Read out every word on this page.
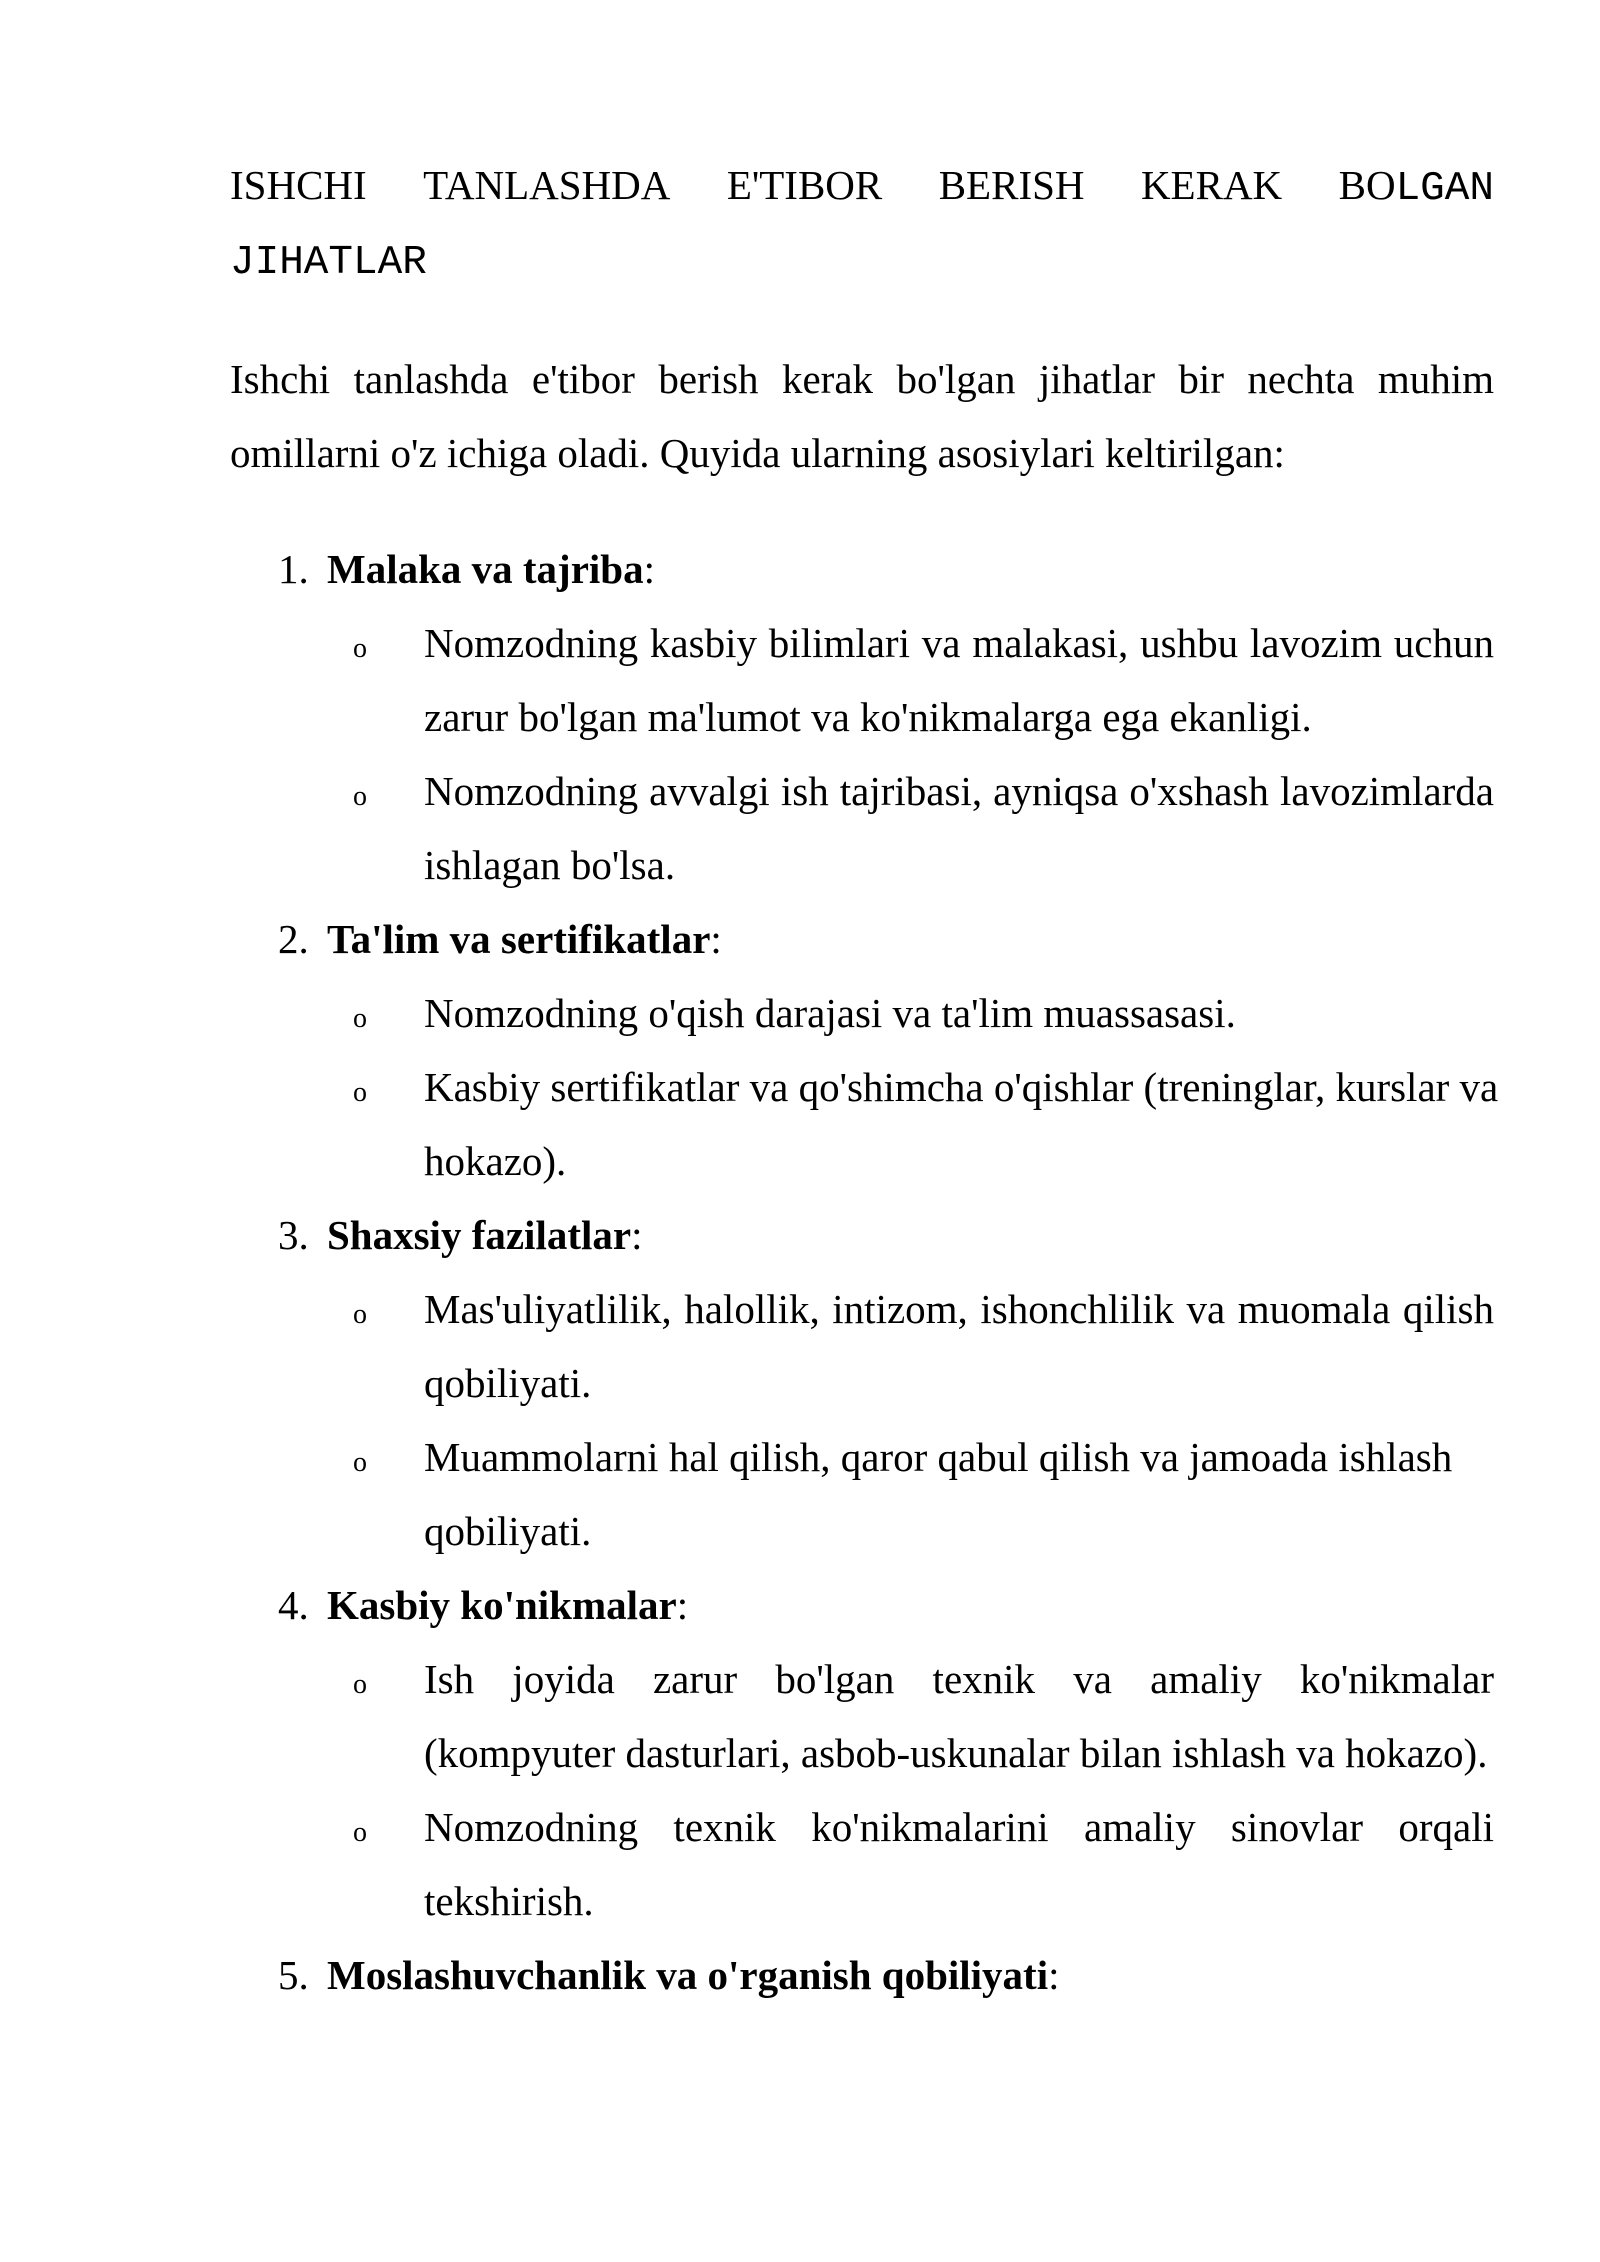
ISHCHI TANLASHDA E'TIBOR BERISH KERAK BOLGAN
JIHATLAR

Ishchi tanlashda e'tibor berish kerak bo'lgan jihatlar bir nechta muhim omillarni o'z ichiga oladi. Quyida ularning asosiylari keltirilgan:

1. Malaka va tajriba:
o Nomzodning kasbiy bilimlari va malakasi, ushbu lavozim uchun zarur bo'lgan ma'lumot va ko'nikmalarga ega ekanligi.
o Nomzodning avvalgi ish tajribasi, ayniqsa o'xshash lavozimlarda ishlagan bo'lsa.
2. Ta'lim va sertifikatlar:
o Nomzodning o'qish darajasi va ta'lim muassasasi.
o Kasbiy sertifikatlar va qo'shimcha o'qishlar (treninglar, kurslar va hokazo).
3. Shaxsiy fazilatlar:
o Mas'uliyatlilik, halollik, intizom, ishonchlilik va muomala qilish qobiliyati.
o Muammolarni hal qilish, qaror qabul qilish va jamoada ishlash qobiliyati.
4. Kasbiy ko'nikmalar:
o Ish joyida zarur bo'lgan texnik va amaliy ko'nikmalar (kompyuter dasturlari, asbob-uskunalar bilan ishlash va hokazo).
o Nomzodning texnik ko'nikmalarini amaliy sinovlar orqali tekshirish.
5. Moslashuvchanlik va o'rganish qobiliyati:
